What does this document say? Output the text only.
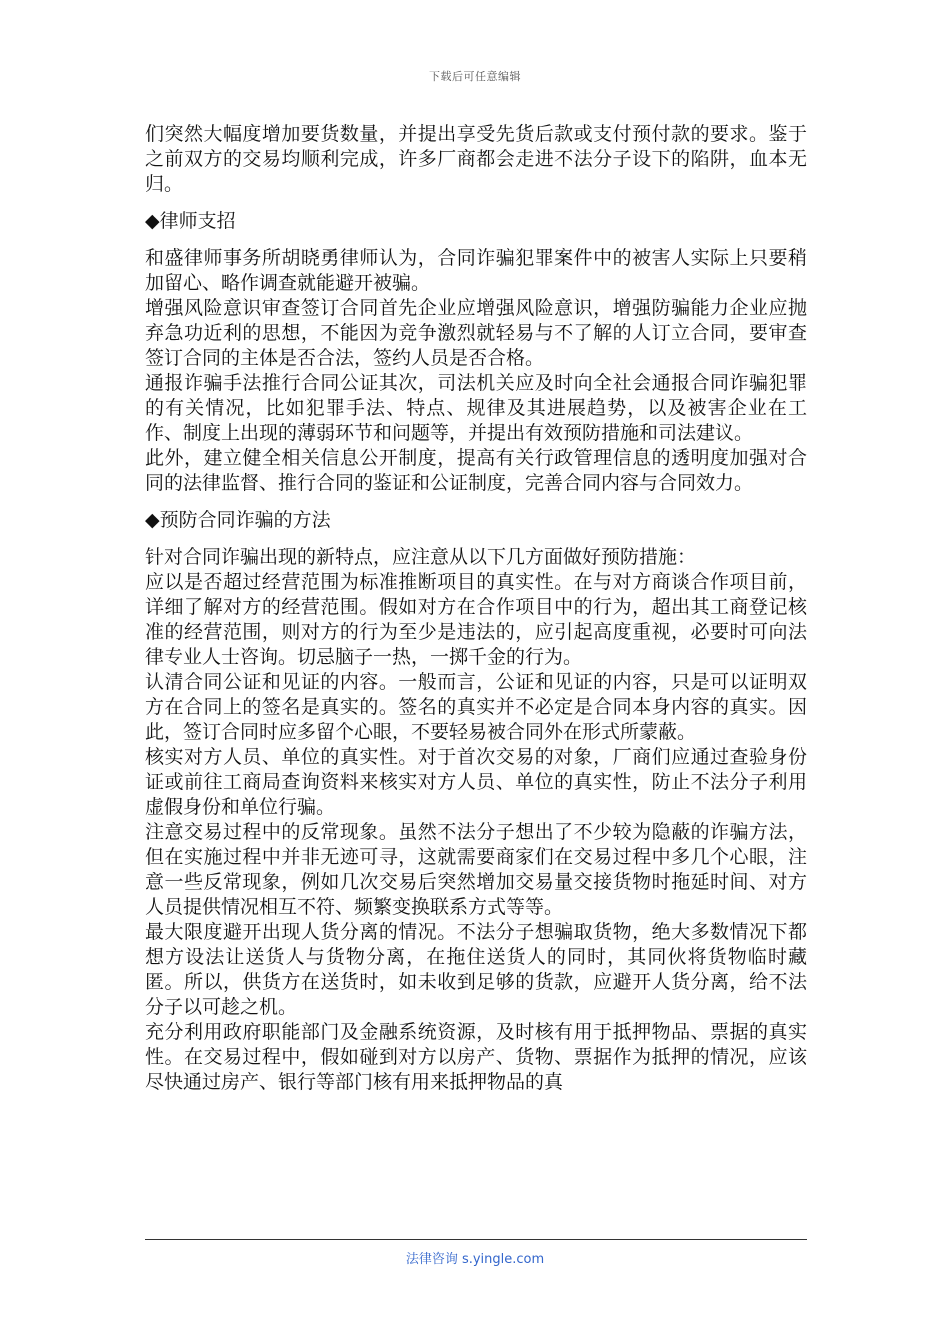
下载后可任意编辑

们突然大幅度增加要货数量，并提出享受先货后款或支付预付款的要求。鉴于之前双方的交易均顺利完成，许多厂商都会走进不法分子设下的陷阱，血本无归。

◆律师支招

和盛律师事务所胡晓勇律师认为，合同诈骗犯罪案件中的被害人实际上只要稍加留心、略作调查就能避开被骗。

增强风险意识审查签订合同首先企业应增强风险意识，增强防骗能力企业应抛弃急功近利的思想，不能因为竞争激烈就轻易与不了解的人订立合同，要审查签订合同的主体是否合法，签约人员是否合格。

通报诈骗手法推行合同公证其次，司法机关应及时向全社会通报合同诈骗犯罪的有关情况，比如犯罪手法、特点、规律及其进展趋势，以及被害企业在工作、制度上出现的薄弱环节和问题等，并提出有效预防措施和司法建议。

此外，建立健全相关信息公开制度，提高有关行政管理信息的透明度加强对合同的法律监督、推行合同的鉴证和公证制度，完善合同内容与合同效力。

◆预防合同诈骗的方法

针对合同诈骗出现的新特点，应注意从以下几方面做好预防措施：

应以是否超过经营范围为标准推断项目的真实性。在与对方商谈合作项目前，详细了解对方的经营范围。假如对方在合作项目中的行为，超出其工商登记核准的经营范围，则对方的行为至少是违法的，应引起高度重视，必要时可向法律专业人士咨询。切忌脑子一热，一掷千金的行为。

认清合同公证和见证的内容。一般而言，公证和见证的内容，只是可以证明双方在合同上的签名是真实的。签名的真实并不必定是合同本身内容的真实。因此，签订合同时应多留个心眼，不要轻易被合同外在形式所蒙蔽。

核实对方人员、单位的真实性。对于首次交易的对象，厂商们应通过查验身份证或前往工商局查询资料来核实对方人员、单位的真实性，防止不法分子利用虚假身份和单位行骗。

注意交易过程中的反常现象。虽然不法分子想出了不少较为隐蔽的诈骗方法，但在实施过程中并非无迹可寻，这就需要商家们在交易过程中多几个心眼，注意一些反常现象，例如几次交易后突然增加交易量交接货物时拖延时间、对方人员提供情况相互不符、频繁变换联系方式等等。

最大限度避开出现人货分离的情况。不法分子想骗取货物，绝大多数情况下都想方设法让送货人与货物分离，在拖住送货人的同时，其同伙将货物临时藏匿。所以，供货方在送货时，如未收到足够的货款，应避开人货分离，给不法分子以可趁之机。

充分利用政府职能部门及金融系统资源，及时核有用于抵押物品、票据的真实性。在交易过程中，假如碰到对方以房产、货物、票据作为抵押的情况，应该尽快通过房产、银行等部门核有用来抵押物品的真

法律咨询 s.yingle.com
